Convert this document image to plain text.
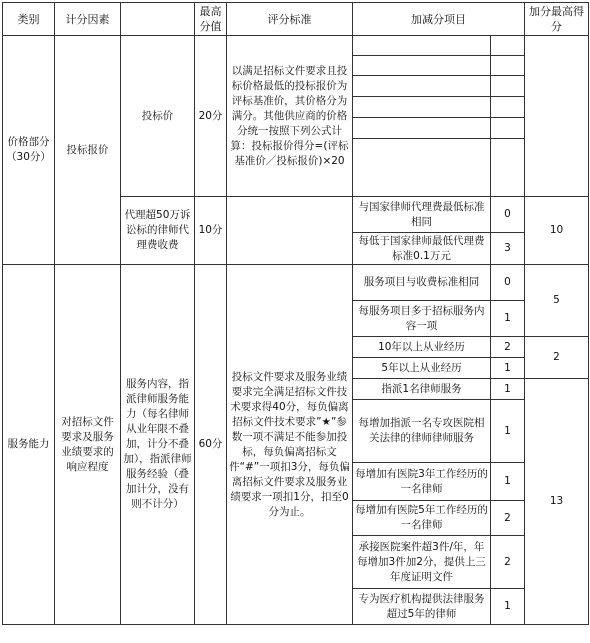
类别	计分因素		最高分值	评分标准	加减分项目		加分最高得分
价格部分（30分）	投标报价	投标价	20分	以满足招标文件要求且投标价格最低的投标报价为评标基准价，其价格分为满分。其他供应商的价格分统一按照下列公式计算：投标报价得分=(评标基准价／投标报价)×20			

		代理超50万诉讼标的律师代理费收费	10分		与国家律师代理费最低标准相同	0	10
					每低于国家律师最低代理费标准0.1万元	3	
服务能力	对招标文件要求及服务业绩要求的响应程度	服务内容，指派律师服务能力（每名律师从业年限不叠加，计分不叠加），指派律师服务经验（叠加计分，没有则不计分）	60分	投标文件要求及服务业绩要求完全满足招标文件技术要求得40分，每负偏离招标文件技术要求”★”参数一项不满足不能参加投标，每负偏离招标文件“#”一项扣3分，每负偏离招标文件要求及服务业绩要求一项扣1分，扣至0分为止。	服务项目与收费标准相同	0	5
					每服务项目多于招标服务内容一项	1	
					10年以上从业经历	2	2
					5年以上从业经历	1	
					指派1名律师服务	1	13
					每增加指派一名专攻医院相关法律的律师律师服务	1	
					每增加有医院3年工作经历的一名律师	1	
					每增加有医院5年工作经历的一名律师	2	
					承接医院案件超3件/年，年每增加3件加2分，提供上三年度证明文件	2	
					专为医疗机构提供法律服务超过5年的律师	1	
